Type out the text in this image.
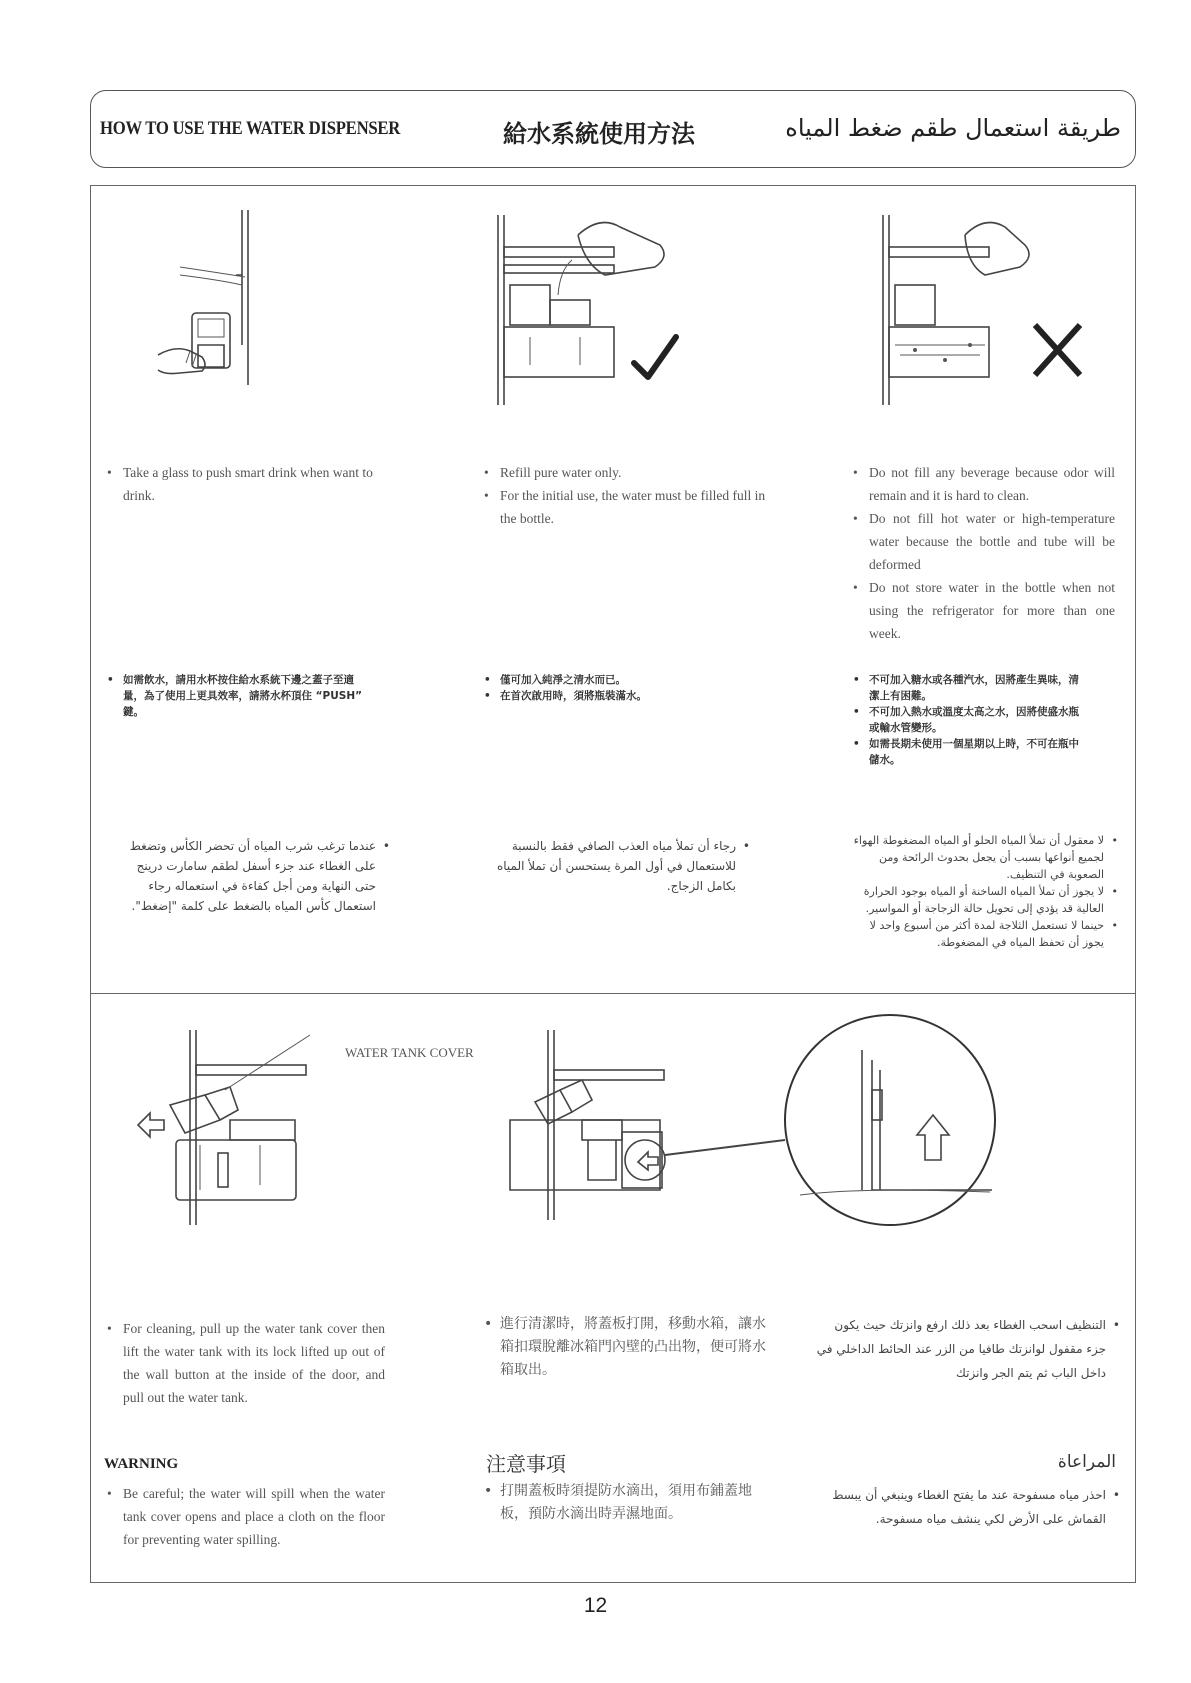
HOW TO USE THE WATER DISPENSER	給水系統使用方法	طريقة استعمال طقم ضغط المياه
• Take a glass to push smart drink when want to drink.
• 如需飲水，請用水杯按住給水系統下邊之蓋子至適量，為了使用上更具效率，請將水杯頂住 “PUSH” 鍵。
• عندما ترغب شرب المياه أن تحضر الكأس وتضغط على الغطاء عند جزء أسفل لطقم سامارت درينج حتى النهاية ومن أجل كفاءة في استعماله رجاء استعمال كأس المياه بالضغط على كلمة "إضغط".
• Refill pure water only.
• For the initial use, the water must be filled full in the bottle.
• 僅可加入純淨之清水而已。
• 在首次啟用時，須將瓶裝滿水。
• رجاء أن تملأ مياه العذب الصافي فقط بالنسبة للاستعمال في أول المرة يستحسن أن تملأ المياه بكامل الزجاج.
• Do not fill any beverage because odor will remain and it is hard to clean.
• Do not fill hot water or high-temperature water because the bottle and tube will be deformed
• Do not store water in the bottle when not using the refrigerator for more than one week.
• 不可加入糖水或各種汽水，因將產生異味，清潔上有困難。
• 不可加入熱水或溫度太高之水，因將使盛水瓶或輸水管變形。
• 如需長期未使用一個星期以上時，不可在瓶中儲水。
• لا معقول أن تملأ المياه الحلو أو المياه المضغوطة الهواء لجميع أنواعها بسبب أن يجعل بحدوث الرائحة ومن الصعوبة في التنظيف.
• لا يجوز أن تملأ المياه الساخنة أو المياه بوجود الحرارة العالية قد يؤدي إلى تحويل حالة الزجاجة أو المواسير.
• حينما لا تستعمل الثلاجة لمدة أكثر من أسبوع واحد لا يجوز أن تحفظ المياه في المضغوطة.
WATER TANK COVER
• For cleaning, pull up the water tank cover then lift the water tank with its lock lifted up out of the wall button at the inside of the door, and pull out the water tank.
WARNING
• Be careful; the water will spill when the water tank cover opens and place a cloth on the floor for preventing water spilling.
• 進行清潔時，將蓋板打開，移動水箱，讓水箱扣環脫離冰箱門內壁的凸出物，便可將水箱取出。
注意事項
• 打開蓋板時須提防水滴出，須用布鋪蓋地板，預防水滴出時弄濕地面。
• التنظيف اسحب الغطاء بعد ذلك ارفع وانزتك حيث يكون جزء مقفول لوانزتك طافيا من الزر عند الحائط الداخلي في داخل الباب ثم يتم الجر وانزتك
المراعاة
• احذر مياه مسفوحة عند ما يفتح الغطاء وينبغي أن يبسط القماش على الأرض لكي ينشف مياه مسفوحة.
12
